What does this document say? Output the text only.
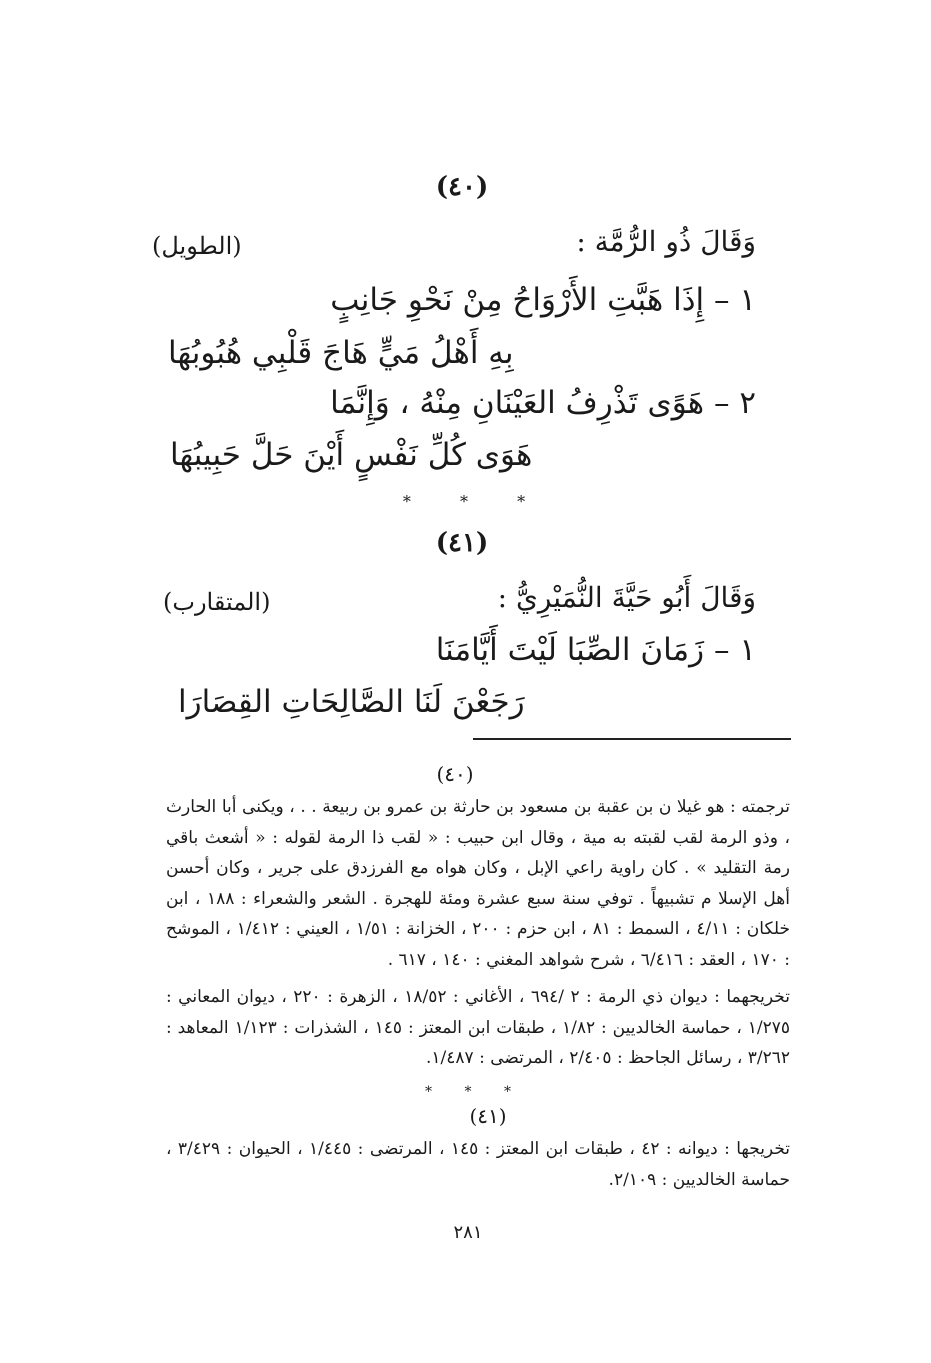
(٤٠)
وَقَالَ ذُو الرُّمَّة :
(الطويل)
١ – إِذَا هَبَّتِ الأَرْوَاحُ مِنْ نَحْوِ جَانِبٍ
بِهِ أَهْلُ مَيٍّ هَاجَ قَلْبِي هُبُوبُهَا
٢ – هَوًى تَذْرِفُ العَيْنَانِ مِنْهُ ، وَإِنَّمَا
هَوَى كُلِّ نَفْسٍ أَيْنَ حَلَّ حَبِيبُهَا
* * *
(٤١)
وَقَالَ أَبُو حَيَّةَ النُّمَيْرِيُّ :
(المتقارب)
١ – زَمَانَ الصِّبَا لَيْتَ أَيَّامَنَا
رَجَعْنَ لَنَا الصَّالِحَاتِ القِصَارَا
(٤٠)
ترجمته : هو غيلا ن بن عقبة بن مسعود بن حارثة بن عمرو بن ربيعة . . ، ويكنى أبا الحارث ، وذو الرمة لقب لقبته به مية ، وقال ابن حبيب : « لقب ذا الرمة لقوله : « أشعث باقي رمة التقليد » . كان راوية راعي الإبل ، وكان هواه مع الفرزدق على جرير ، وكان أحسن أهل الإسلا م تشبيهاً . توفي سنة سبع عشرة ومئة للهجرة . الشعر والشعراء : ١٨٨ ، ابن خلكان : ٤/١١ ، السمط : ٨١ ، ابن حزم : ٢٠٠ ، الخزانة : ١/٥١ ، العيني : ١/٤١٢ ، الموشح : ١٧٠ ، العقد : ٦/٤١٦ ، شرح شواهد المغني : ١٤٠ ، ٦١٧ .
تخريجهما : ديوان ذي الرمة : ٢ /٦٩٤ ، الأغاني : ١٨/٥٢ ، الزهرة : ٢٢٠ ، ديوان المعاني : ١/٢٧٥ ، حماسة الخالديين : ١/٨٢ ، طبقات ابن المعتز : ١٤٥ ، الشذرات : ١/١٢٣ المعاهد : ٣/٢٦٢ ، رسائل الجاحظ : ٢/٤٠٥ ، المرتضى : ١/٤٨٧.
* * *
(٤١)
تخريجها : ديوانه : ٤٢ ، طبقات ابن المعتز : ١٤٥ ، المرتضى : ١/٤٤٥ ، الحيوان : ٣/٤٢٩ ، حماسة الخالديين : ٢/١٠٩.
٢٨١
